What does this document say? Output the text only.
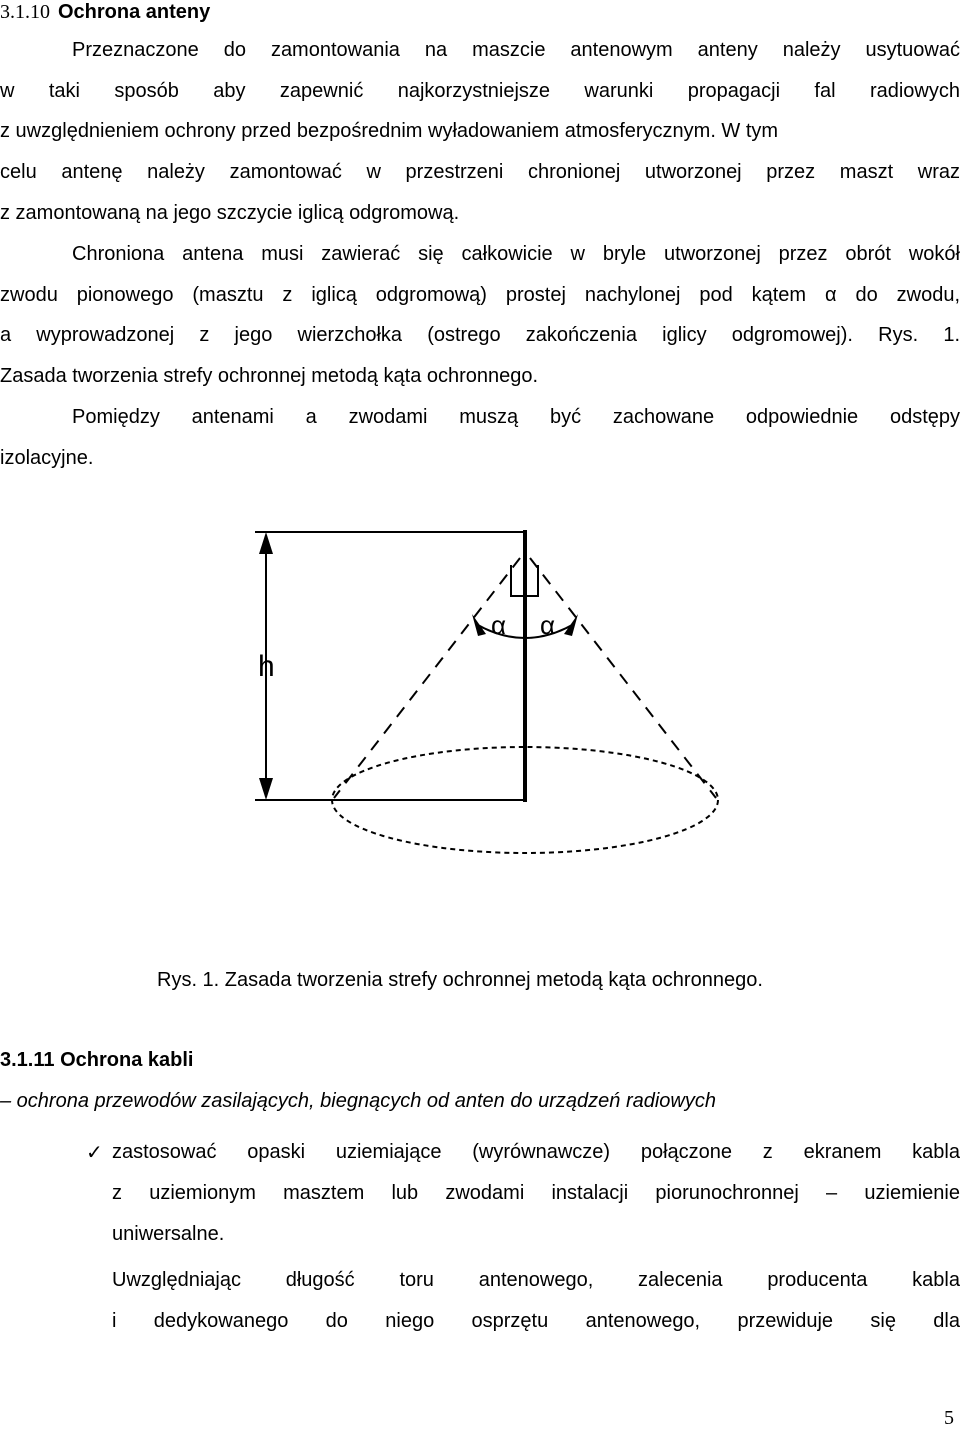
3.1.10 Ochrona anteny
Przeznaczone do zamontowania na maszcie antenowym anteny należy usytuować
w taki sposób aby zapewnić najkorzystniejsze warunki propagacji fal radiowych
z uwzględnieniem ochrony przed bezpośrednim wyładowaniem atmosferycznym. W tym
celu antenę należy zamontować w przestrzeni chronionej utworzonej przez maszt wraz
z zamontowaną na jego szczycie iglicą odgromową.
Chroniona antena musi zawierać się całkowicie w bryle utworzonej przez obrót wokół
zwodu pionowego (masztu z iglicą odgromową) prostej nachylonej pod kątem α do zwodu,
a wyprowadzonej z jego wierzchołka (ostrego zakończenia iglicy odgromowej). Rys. 1.
Zasada tworzenia strefy ochronnej metodą kąta ochronnego.
Pomiędzy antenami a zwodami muszą być zachowane odpowiednie odstępy
izolacyjne.
h
α α
Rys. 1. Zasada tworzenia strefy ochronnej metodą kąta ochronnego.
3.1.11 Ochrona kabli
– ochrona przewodów zasilających, biegnących od anten do urządzeń radiowych
✓ zastosować opaski uziemiające (wyrównawcze) połączone z ekranem kabla
z uziemionym masztem lub zwodami instalacji piorunochronnej – uziemienie
uniwersalne.
Uwzględniając długość toru antenowego, zalecenia producenta kabla
i dedykowanego do niego osprzętu antenowego, przewiduje się dla
5
